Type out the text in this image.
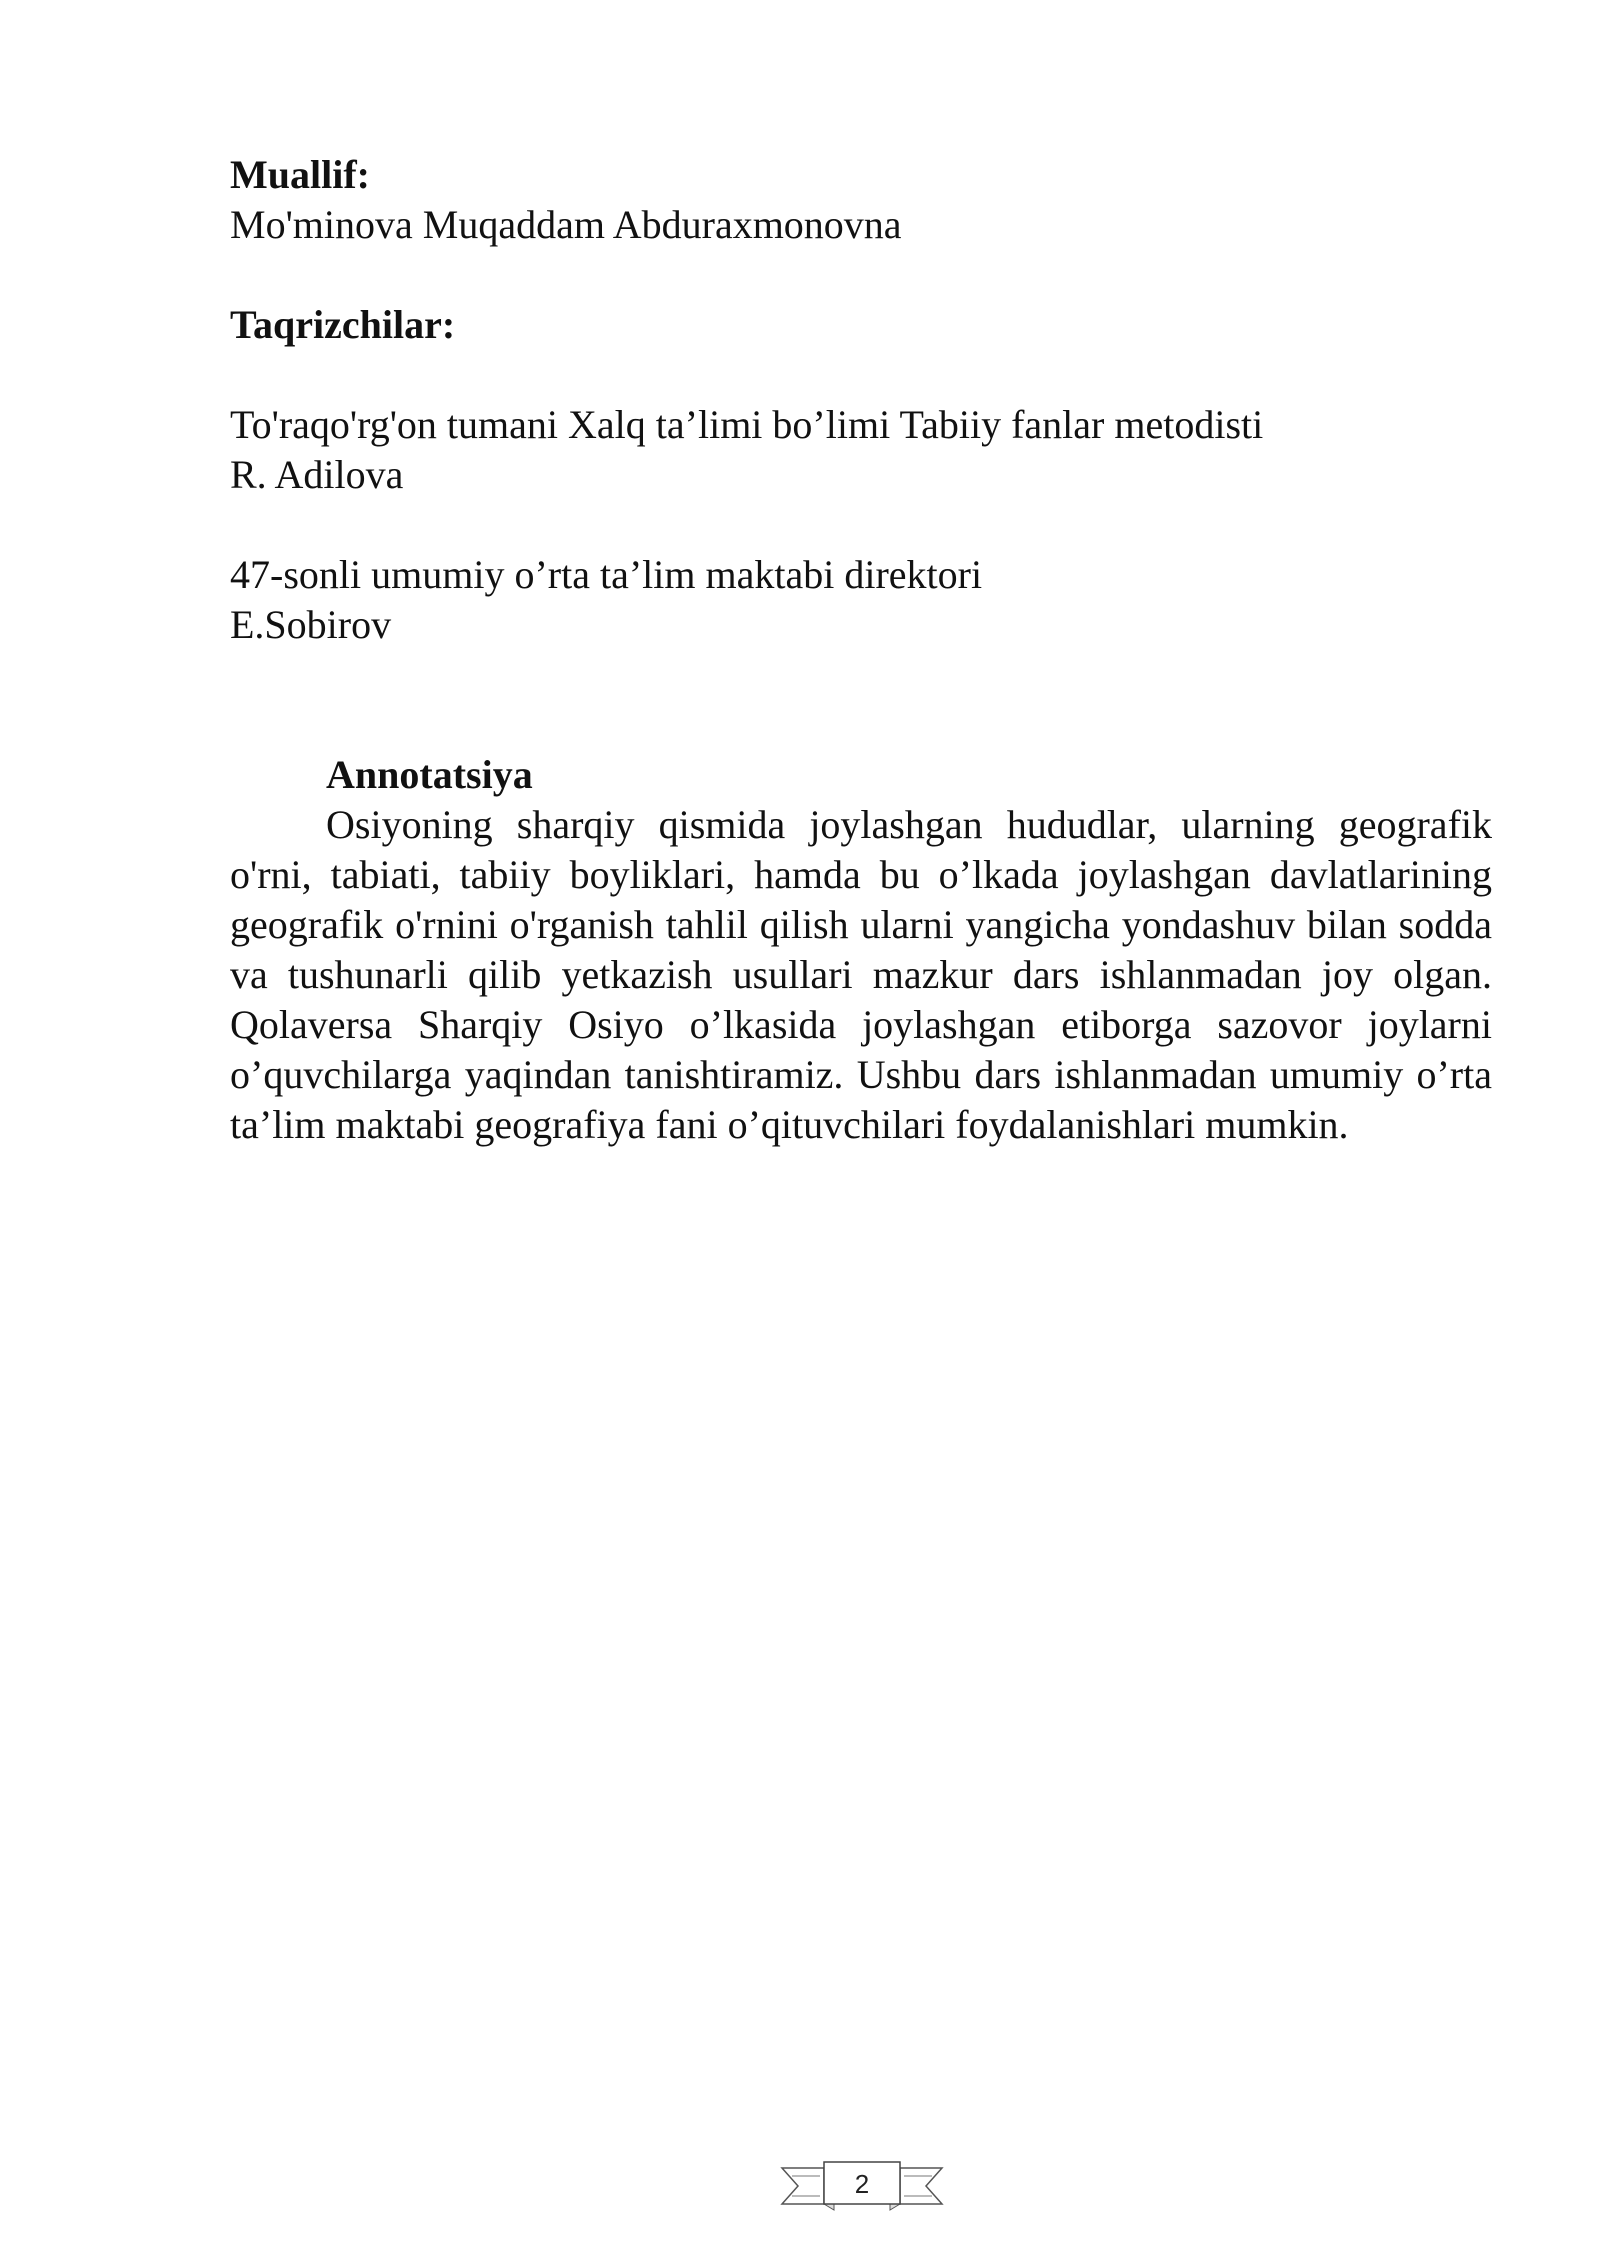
Muallif:

Mo'minova Muqaddam Abduraxmonovna

Taqrizchilar:

To'raqo'rg'on tumani Xalq ta’limi bo’limi Tabiiy fanlar metodisti

R. Adilova

47-sonli umumiy o’rta ta’lim maktabi direktori

E.Sobirov

Annotatsiya

Osiyoning sharqiy qismida joylashgan hududlar, ularning geografik o'rni, tabiati, tabiiy boyliklari, hamda bu o’lkada joylashgan davlatlarining geografik o'rnini o'rganish tahlil qilish ularni yangicha yondashuv bilan sodda va tushunarli qilib yetkazish usullari mazkur dars ishlanmadan joy olgan. Qolaversa Sharqiy Osiyo o’lkasida joylashgan etiborga sazovor joylarni o’quvchilarga yaqindan tanishtiramiz. Ushbu dars ishlanmadan umumiy o’rta ta’lim maktabi geografiya fani o’qituvchilari foydalanishlari mumkin.

2
